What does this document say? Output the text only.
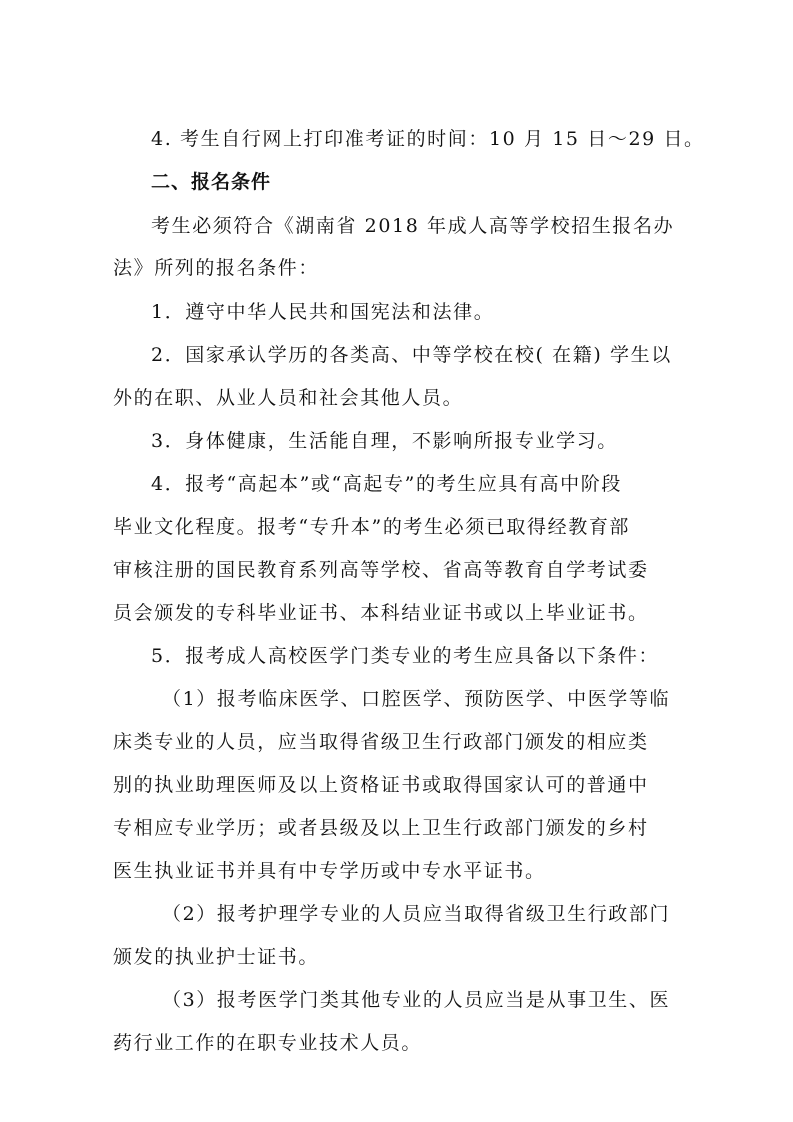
4. 考生自行网上打印准考证的时间：10 月 15 日～29 日。
二、报名条件
考生必须符合《湖南省 2018 年成人高等学校招生报名办
法》所列的报名条件：
1．遵守中华人民共和国宪法和法律。
2．国家承认学历的各类高、中等学校在校( 在籍) 学生以
外的在职、从业人员和社会其他人员。
3．身体健康，生活能自理，不影响所报专业学习。
4．报考“高起本”或“高起专”的考生应具有高中阶段
毕业文化程度。报考“专升本”的考生必须已取得经教育部
审核注册的国民教育系列高等学校、省高等教育自学考试委
员会颁发的专科毕业证书、本科结业证书或以上毕业证书。
5．报考成人高校医学门类专业的考生应具备以下条件：
（1）报考临床医学、口腔医学、预防医学、中医学等临
床类专业的人员，应当取得省级卫生行政部门颁发的相应类
别的执业助理医师及以上资格证书或取得国家认可的普通中
专相应专业学历；或者县级及以上卫生行政部门颁发的乡村
医生执业证书并具有中专学历或中专水平证书。
（2）报考护理学专业的人员应当取得省级卫生行政部门
颁发的执业护士证书。
（3）报考医学门类其他专业的人员应当是从事卫生、医
药行业工作的在职专业技术人员。
